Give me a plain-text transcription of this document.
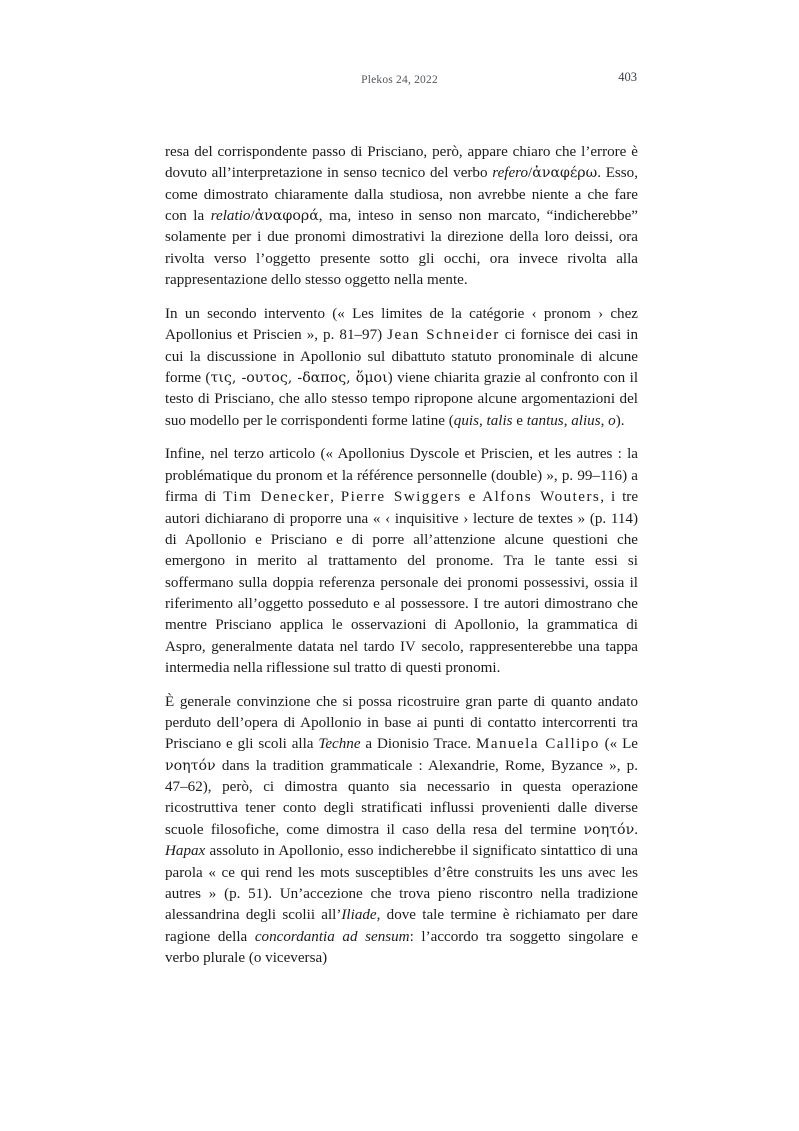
Plekos 24, 2022	403

resa del corrispondente passo di Prisciano, però, appare chiaro che l’errore è dovuto all’interpretazione in senso tecnico del verbo refero/ἀναφέρω. Esso, come dimostrato chiaramente dalla studiosa, non avrebbe niente a che fare con la relatio/ἀναφορά, ma, inteso in senso non marcato, “indicherebbe” solamente per i due pronomi dimostrativi la direzione della loro deissi, ora rivolta verso l’oggetto presente sotto gli occhi, ora invece rivolta alla rappresentazione dello stesso oggetto nella mente.

In un secondo intervento (« Les limites de la catégorie ‹ pronom › chez Apollonius et Priscien », p. 81–97) Jean Schneider ci fornisce dei casi in cui la discussione in Apollonio sul dibattuto statuto pronominale di alcune forme (τις, -ουτος, -δαπος, ὅμοι) viene chiarita grazie al confronto con il testo di Prisciano, che allo stesso tempo ripropone alcune argomentazioni del suo modello per le corrispondenti forme latine (quis, talis e tantus, alius, o).

Infine, nel terzo articolo (« Apollonius Dyscole et Priscien, et les autres : la problématique du pronom et la référence personnelle (double) », p. 99–116) a firma di Tim Denecker, Pierre Swiggers e Alfons Wouters, i tre autori dichiarano di proporre una « ‹ inquisitive › lecture de textes » (p. 114) di Apollonio e Prisciano e di porre all’attenzione alcune questioni che emergono in merito al trattamento del pronome. Tra le tante essi si soffermano sulla doppia referenza personale dei pronomi possessivi, ossia il riferimento all’oggetto posseduto e al possessore. I tre autori dimostrano che mentre Prisciano applica le osservazioni di Apollonio, la grammatica di Aspro, generalmente datata nel tardo IV secolo, rappresenterebbe una tappa intermedia nella riflessione sul tratto di questi pronomi.

È generale convinzione che si possa ricostruire gran parte di quanto andato perduto dell’opera di Apollonio in base ai punti di contatto intercorrenti tra Prisciano e gli scoli alla Techne a Dionisio Trace. Manuela Callipo (« Le νοητόν dans la tradition grammaticale : Alexandrie, Rome, Byzance », p. 47–62), però, ci dimostra quanto sia necessario in questa operazione ricostruttiva tener conto degli stratificati influssi provenienti dalle diverse scuole filosofiche, come dimostra il caso della resa del termine νοητόν. Hapax assoluto in Apollonio, esso indicherebbe il significato sintattico di una parola « ce qui rend les mots susceptibles d’être construits les uns avec les autres » (p. 51). Un’accezione che trova pieno riscontro nella tradizione alessandrina degli scolii all’Iliade, dove tale termine è richiamato per dare ragione della concordantia ad sensum: l’accordo tra soggetto singolare e verbo plurale (o viceversa)
